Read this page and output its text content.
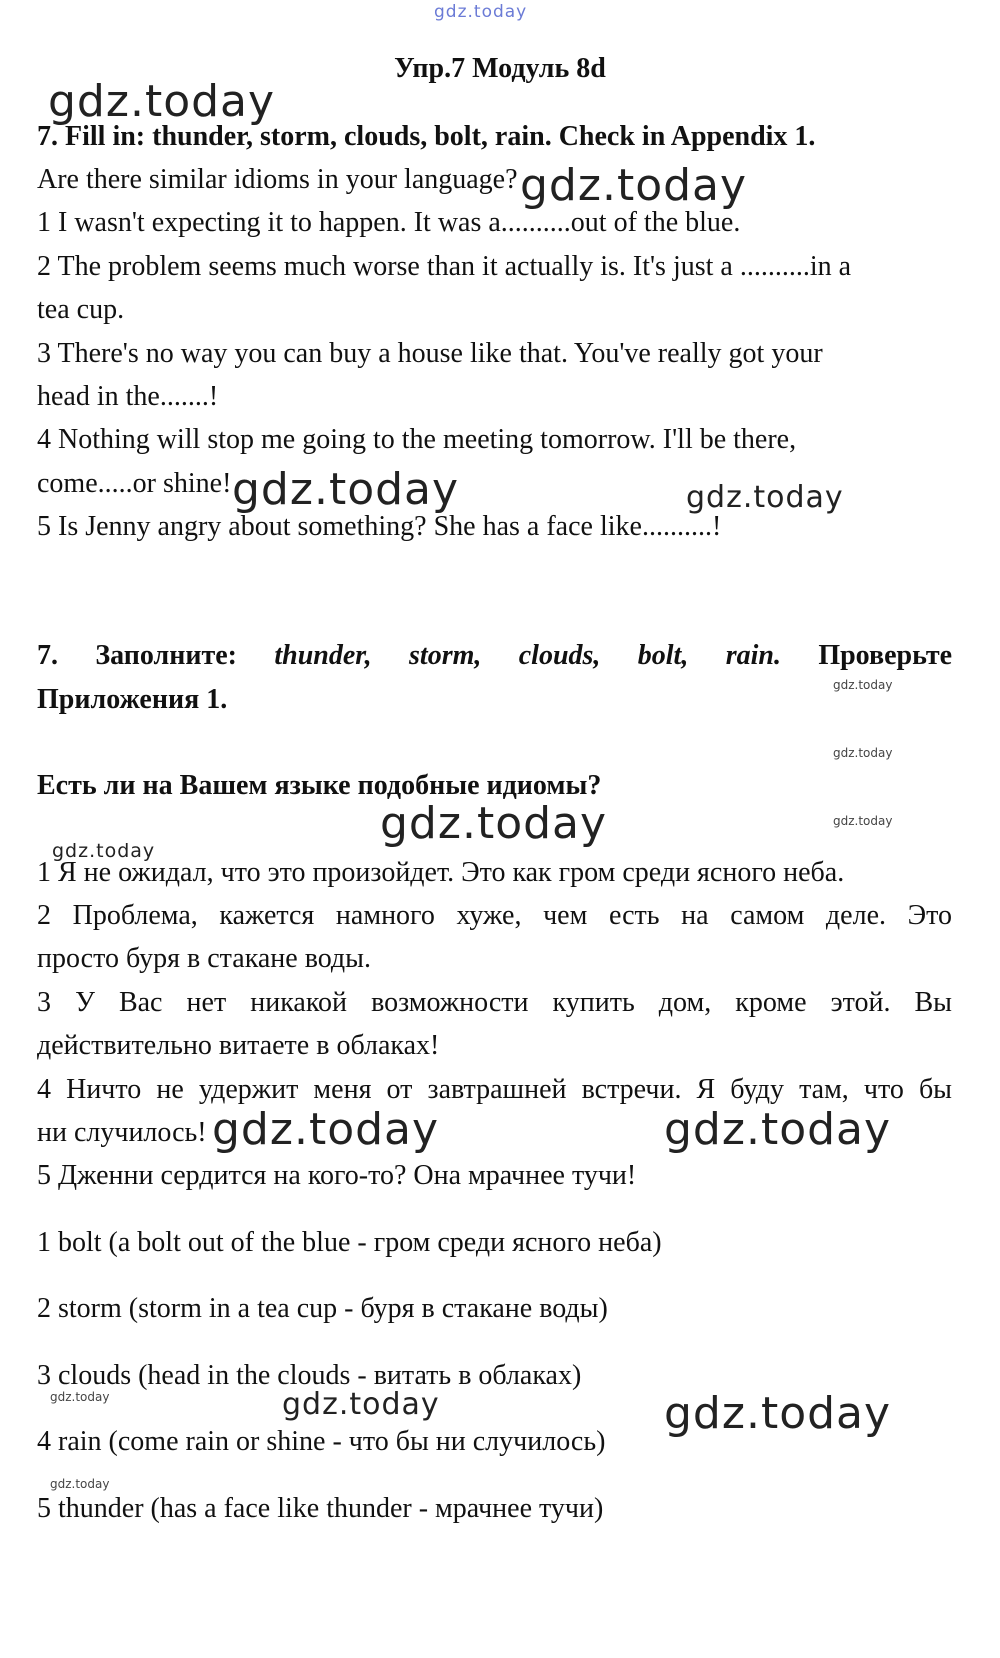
Упр.7 Модуль 8d

7. Fill in: thunder, storm, clouds, bolt, rain. Check in Appendix 1.

Are there similar idioms in your language?

1 I wasn't expecting it to happen. It was a..........out of the blue.

2 The problem seems much worse than it actually is. It's just a ..........in a

tea cup.

3 There's no way you can buy a house like that. You've really got your

head in the.......!

4 Nothing will stop me going to the meeting tomorrow. I'll be there,

come.....or shine!

5 Is Jenny angry about something? She has a face like..........!

7. Заполните: thunder, storm, clouds, bolt, rain. Проверьте

Приложения 1.

Есть ли на Вашем языке подобные идиомы?

1 Я не ожидал, что это произойдет. Это как гром среди ясного неба.

2 Проблема, кажется намного хуже, чем есть на самом деле. Это

просто буря в стакане воды.

3 У Вас нет никакой возможности купить дом, кроме этой. Вы

действительно витаете в облаках!

4 Ничто не удержит меня от завтрашней встречи. Я буду там, что бы

ни случилось!

5 Дженни сердится на кого-то? Она мрачнее тучи!

1 bolt (a bolt out of the blue - гром среди ясного неба)

2 storm (storm in a tea cup - буря в стакане воды)

3 clouds (head in the clouds - витать в облаках)

4 rain (come rain or shine - что бы ни случилось)

5 thunder (has a face like thunder - мрачнее тучи)

gdz.today
gdz.today
gdz.today
gdz.today	gdz.today
gdz.today
gdz.today
gdz.today
gdz.today
gdz.today
gdz.today	gdz.today
gdz.today	gdz.today	gdz.today
gdz.today
